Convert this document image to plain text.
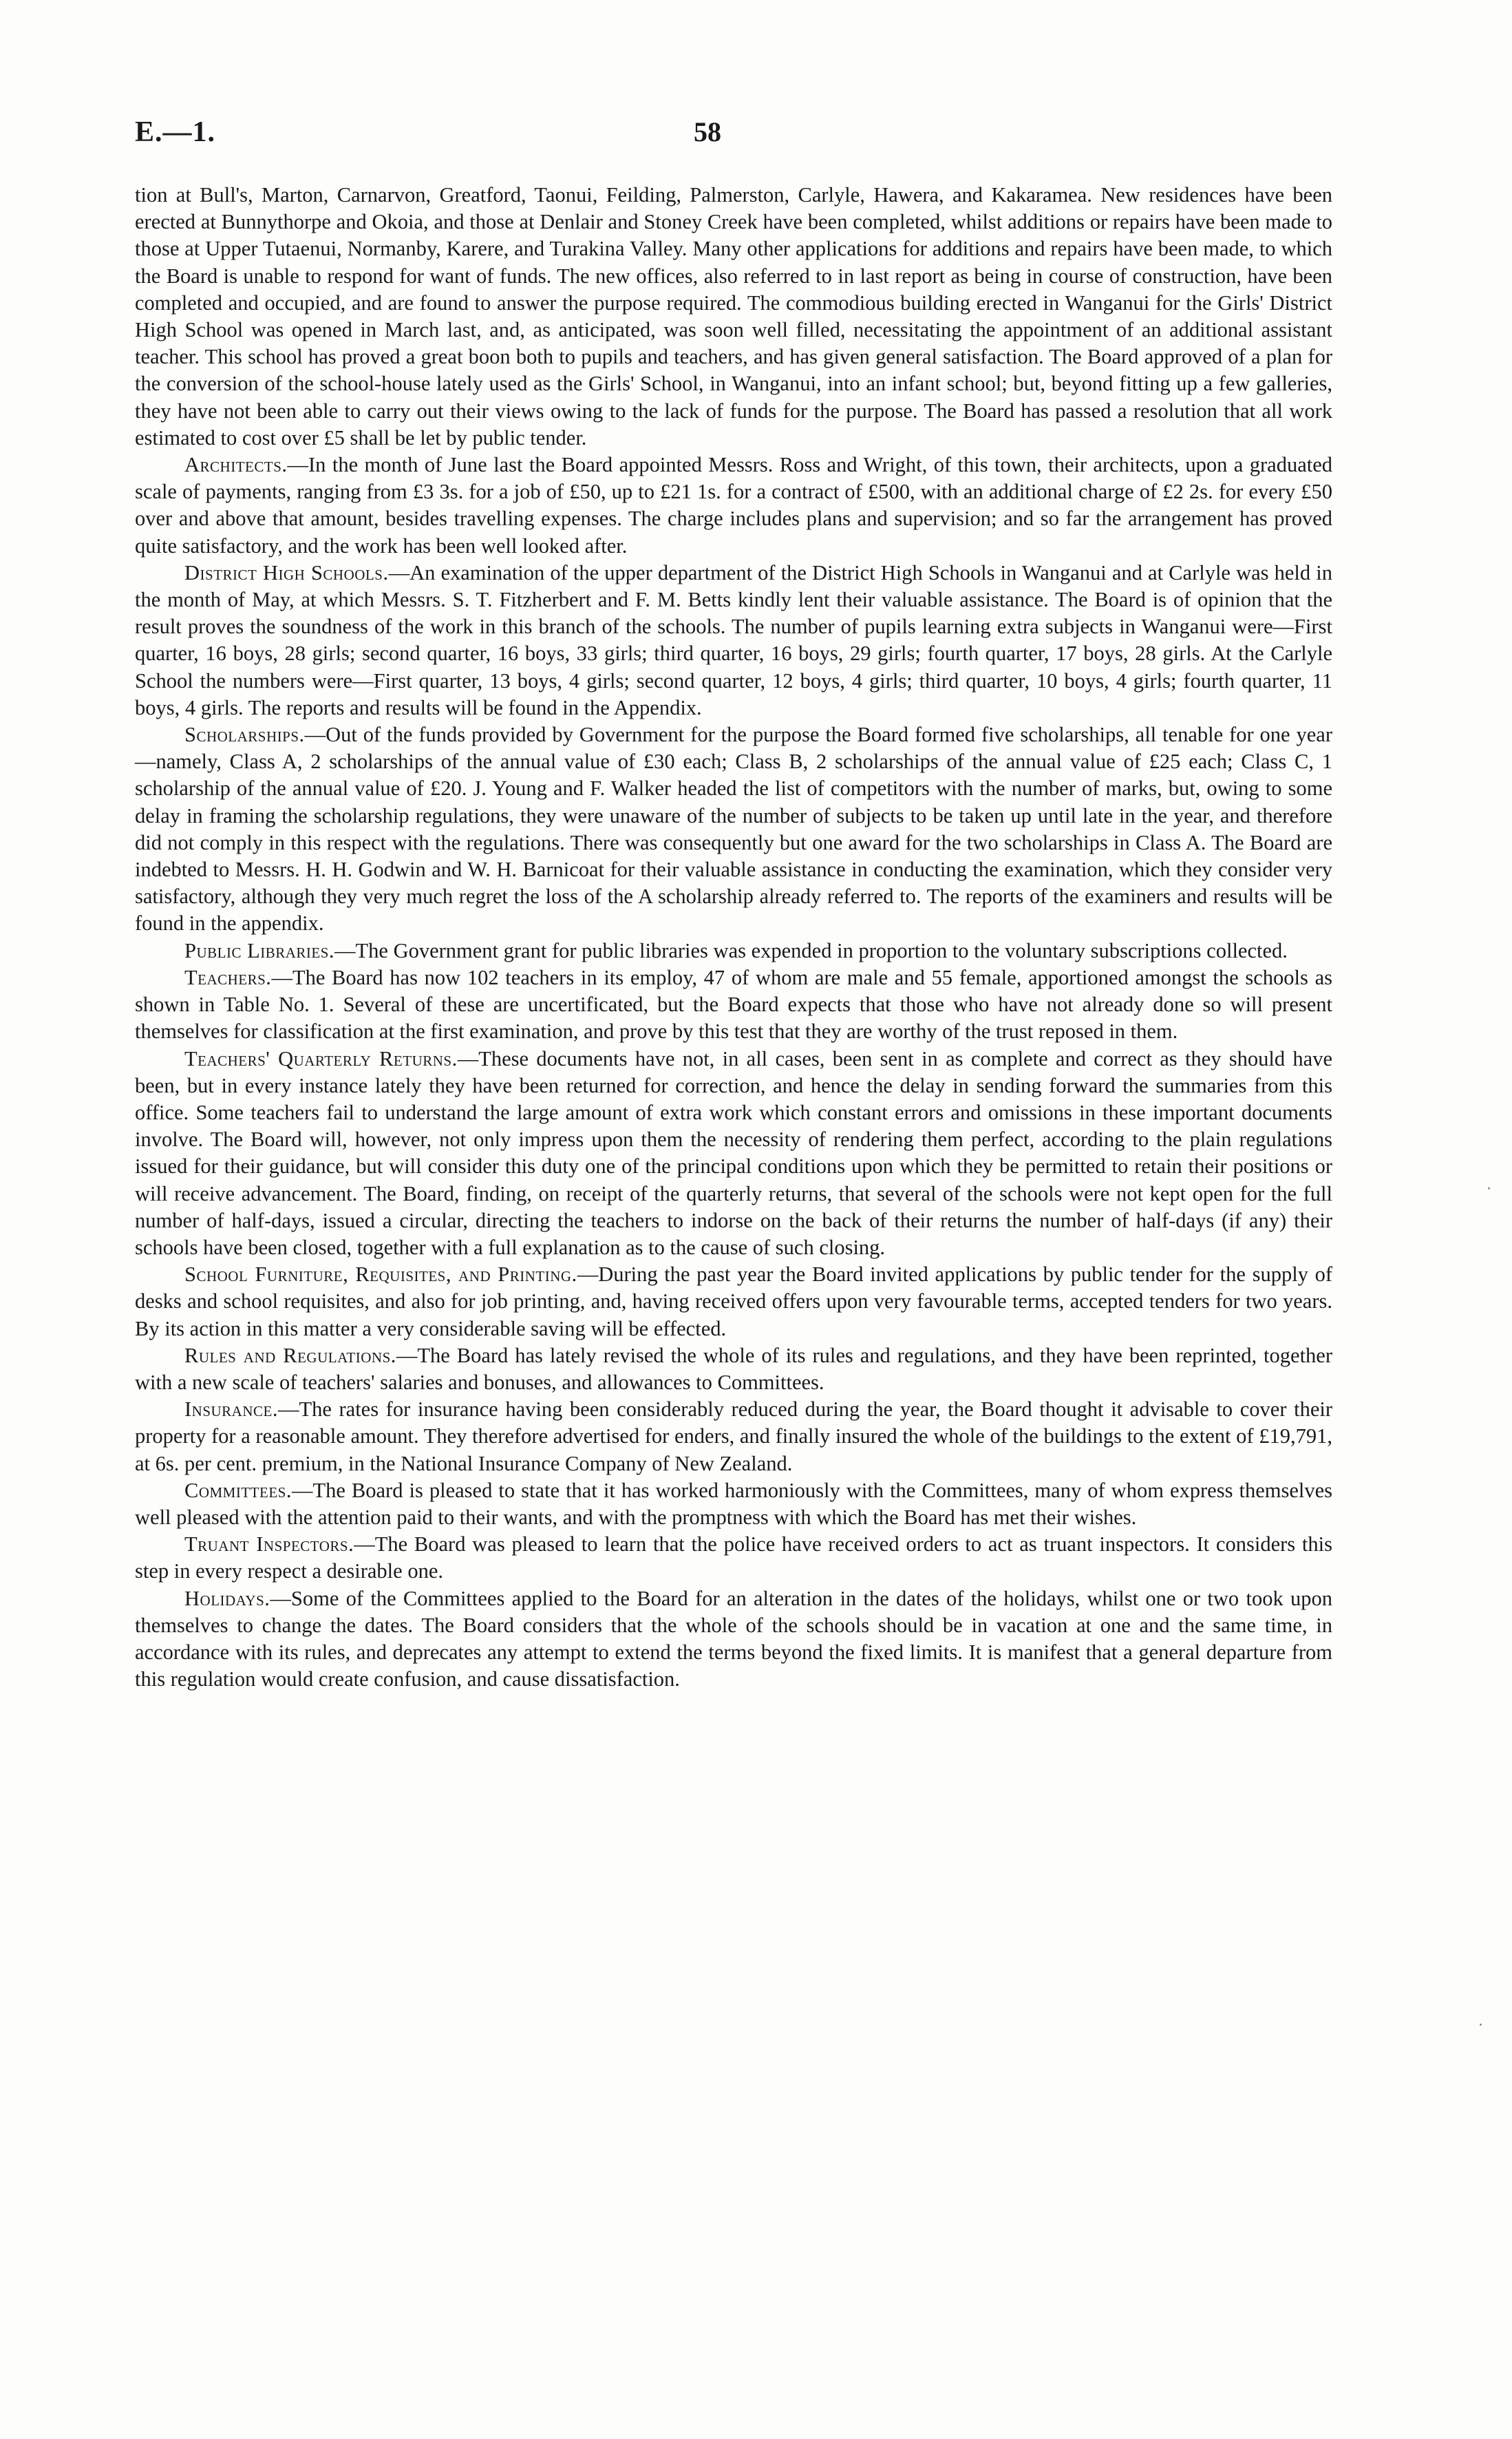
E.—1.	58

tion at Bull's, Marton, Carnarvon, Greatford, Taonui, Feilding, Palmerston, Carlyle, Hawera, and Kakaramea. New residences have been erected at Bunnythorpe and Okoia, and those at Denlair and Stoney Creek have been completed, whilst additions or repairs have been made to those at Upper Tutaenui, Normanby, Karere, and Turakina Valley. Many other applications for additions and repairs have been made, to which the Board is unable to respond for want of funds. The new offices, also referred to in last report as being in course of construction, have been completed and occupied, and are found to answer the purpose required. The commodious building erected in Wanganui for the Girls' District High School was opened in March last, and, as anticipated, was soon well filled, necessitating the appointment of an additional assistant teacher. This school has proved a great boon both to pupils and teachers, and has given general satisfaction. The Board approved of a plan for the conversion of the school-house lately used as the Girls' School, in Wanganui, into an infant school; but, beyond fitting up a few galleries, they have not been able to carry out their views owing to the lack of funds for the purpose. The Board has passed a resolution that all work estimated to cost over £5 shall be let by public tender.

Architects.—In the month of June last the Board appointed Messrs. Ross and Wright, of this town, their architects, upon a graduated scale of payments, ranging from £3 3s. for a job of £50, up to £21 1s. for a contract of £500, with an additional charge of £2 2s. for every £50 over and above that amount, besides travelling expenses. The charge includes plans and supervision; and so far the arrangement has proved quite satisfactory, and the work has been well looked after.

District High Schools.—An examination of the upper department of the District High Schools in Wanganui and at Carlyle was held in the month of May, at which Messrs. S. T. Fitzherbert and F. M. Betts kindly lent their valuable assistance. The Board is of opinion that the result proves the soundness of the work in this branch of the schools. The number of pupils learning extra subjects in Wanganui were—First quarter, 16 boys, 28 girls; second quarter, 16 boys, 33 girls; third quarter, 16 boys, 29 girls; fourth quarter, 17 boys, 28 girls. At the Carlyle School the numbers were—First quarter, 13 boys, 4 girls; second quarter, 12 boys, 4 girls; third quarter, 10 boys, 4 girls; fourth quarter, 11 boys, 4 girls. The reports and results will be found in the Appendix.

Scholarships.—Out of the funds provided by Government for the purpose the Board formed five scholarships, all tenable for one year—namely, Class A, 2 scholarships of the annual value of £30 each; Class B, 2 scholarships of the annual value of £25 each; Class C, 1 scholarship of the annual value of £20. J. Young and F. Walker headed the list of competitors with the number of marks, but, owing to some delay in framing the scholarship regulations, they were unaware of the number of subjects to be taken up until late in the year, and therefore did not comply in this respect with the regulations. There was consequently but one award for the two scholarships in Class A. The Board are indebted to Messrs. H. H. Godwin and W. H. Barnicoat for their valuable assistance in conducting the examination, which they consider very satisfactory, although they very much regret the loss of the A scholarship already referred to. The reports of the examiners and results will be found in the appendix.

Public Libraries.—The Government grant for public libraries was expended in proportion to the voluntary subscriptions collected.

Teachers.—The Board has now 102 teachers in its employ, 47 of whom are male and 55 female, apportioned amongst the schools as shown in Table No. 1. Several of these are uncertificated, but the Board expects that those who have not already done so will present themselves for classification at the first examination, and prove by this test that they are worthy of the trust reposed in them.

Teachers' Quarterly Returns.—These documents have not, in all cases, been sent in as complete and correct as they should have been, but in every instance lately they have been returned for correction, and hence the delay in sending forward the summaries from this office. Some teachers fail to understand the large amount of extra work which constant errors and omissions in these important documents involve. The Board will, however, not only impress upon them the necessity of rendering them perfect, according to the plain regulations issued for their guidance, but will consider this duty one of the principal conditions upon which they be permitted to retain their positions or will receive advancement. The Board, finding, on receipt of the quarterly returns, that several of the schools were not kept open for the full number of half-days, issued a circular, directing the teachers to indorse on the back of their returns the number of half-days (if any) their schools have been closed, together with a full explanation as to the cause of such closing.

School Furniture, Requisites, and Printing.—During the past year the Board invited applications by public tender for the supply of desks and school requisites, and also for job printing, and, having received offers upon very favourable terms, accepted tenders for two years. By its action in this matter a very considerable saving will be effected.

Rules and Regulations.—The Board has lately revised the whole of its rules and regulations, and they have been reprinted, together with a new scale of teachers' salaries and bonuses, and allowances to Committees.

Insurance.—The rates for insurance having been considerably reduced during the year, the Board thought it advisable to cover their property for a reasonable amount. They therefore advertised for enders, and finally insured the whole of the buildings to the extent of £19,791, at 6s. per cent. premium, in the National Insurance Company of New Zealand.

Committees.—The Board is pleased to state that it has worked harmoniously with the Committees, many of whom express themselves well pleased with the attention paid to their wants, and with the promptness with which the Board has met their wishes.

Truant Inspectors.—The Board was pleased to learn that the police have received orders to act as truant inspectors. It considers this step in every respect a desirable one.

Holidays.—Some of the Committees applied to the Board for an alteration in the dates of the holidays, whilst one or two took upon themselves to change the dates. The Board considers that the whole of the schools should be in vacation at one and the same time, in accordance with its rules, and deprecates any attempt to extend the terms beyond the fixed limits. It is manifest that a general departure from this regulation would create confusion, and cause dissatisfaction.

·
·
